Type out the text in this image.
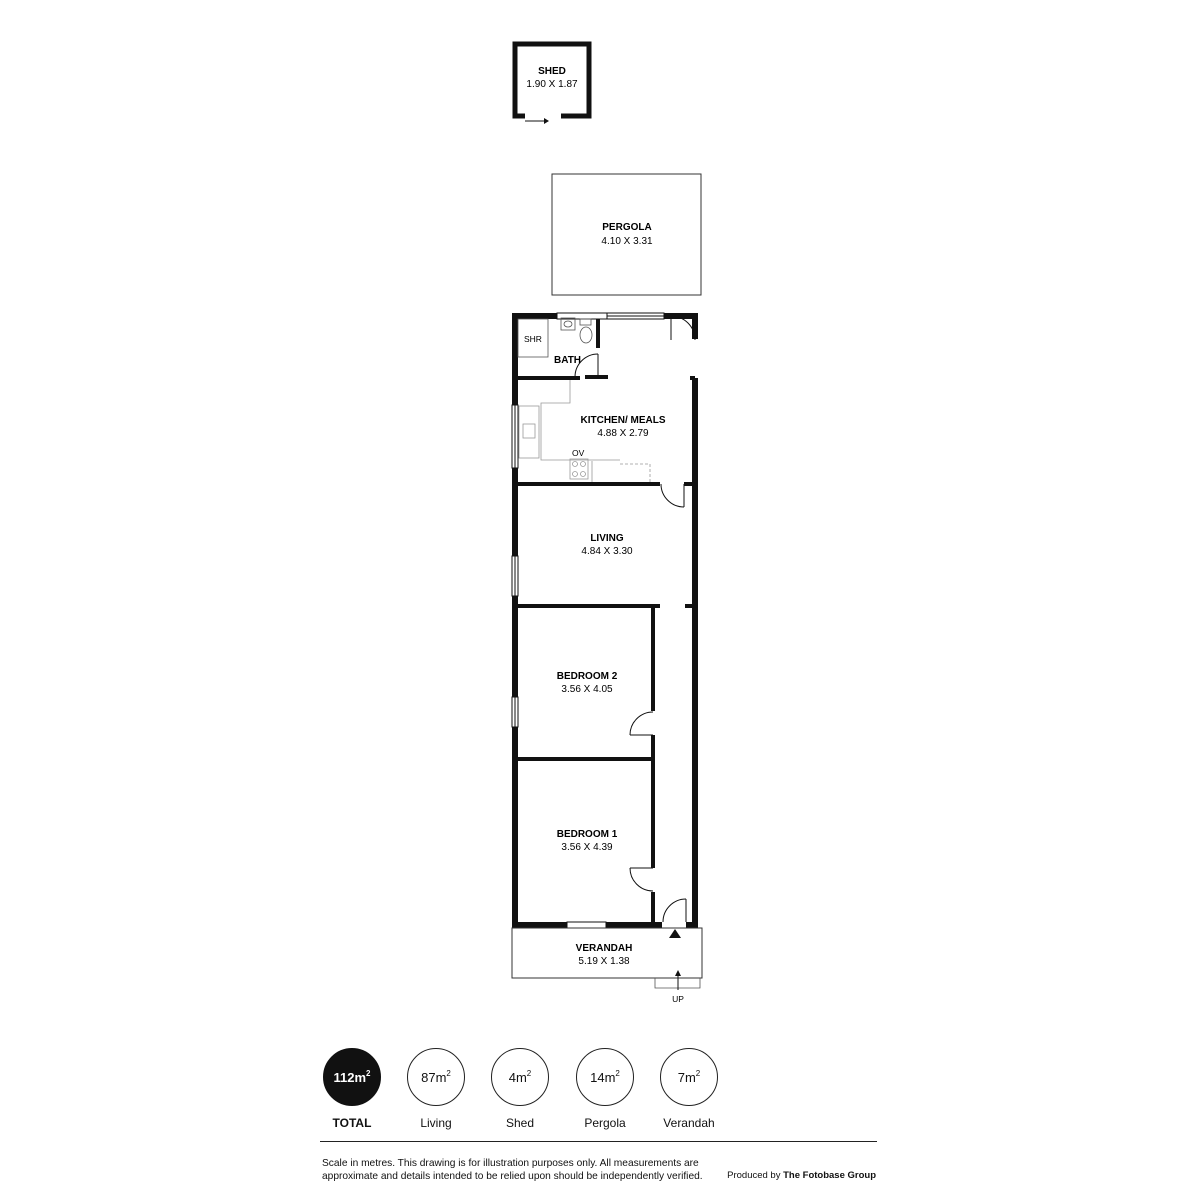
SHED
1.90 X 1.87
PERGOLA
4.10 X 3.31
SHR
BATH
OV
KITCHEN/ MEALS
4.88 X 2.79
LIVING
4.84 X 3.30
BEDROOM 2
3.56 X 4.05
BEDROOM 1
3.56 X 4.39
VERANDAH
5.19 X 1.38
UP
$112m^2$
TOTAL
$87m^2$
Living
$4m^2$
Shed
$14m^2$
Pergola
$7m^2$
Verandah
Scale in metres. This drawing is for illustration purposes only. All measurements are approximate and details intended to be relied upon should be independently verified.	Produced by The Fotobase Group
